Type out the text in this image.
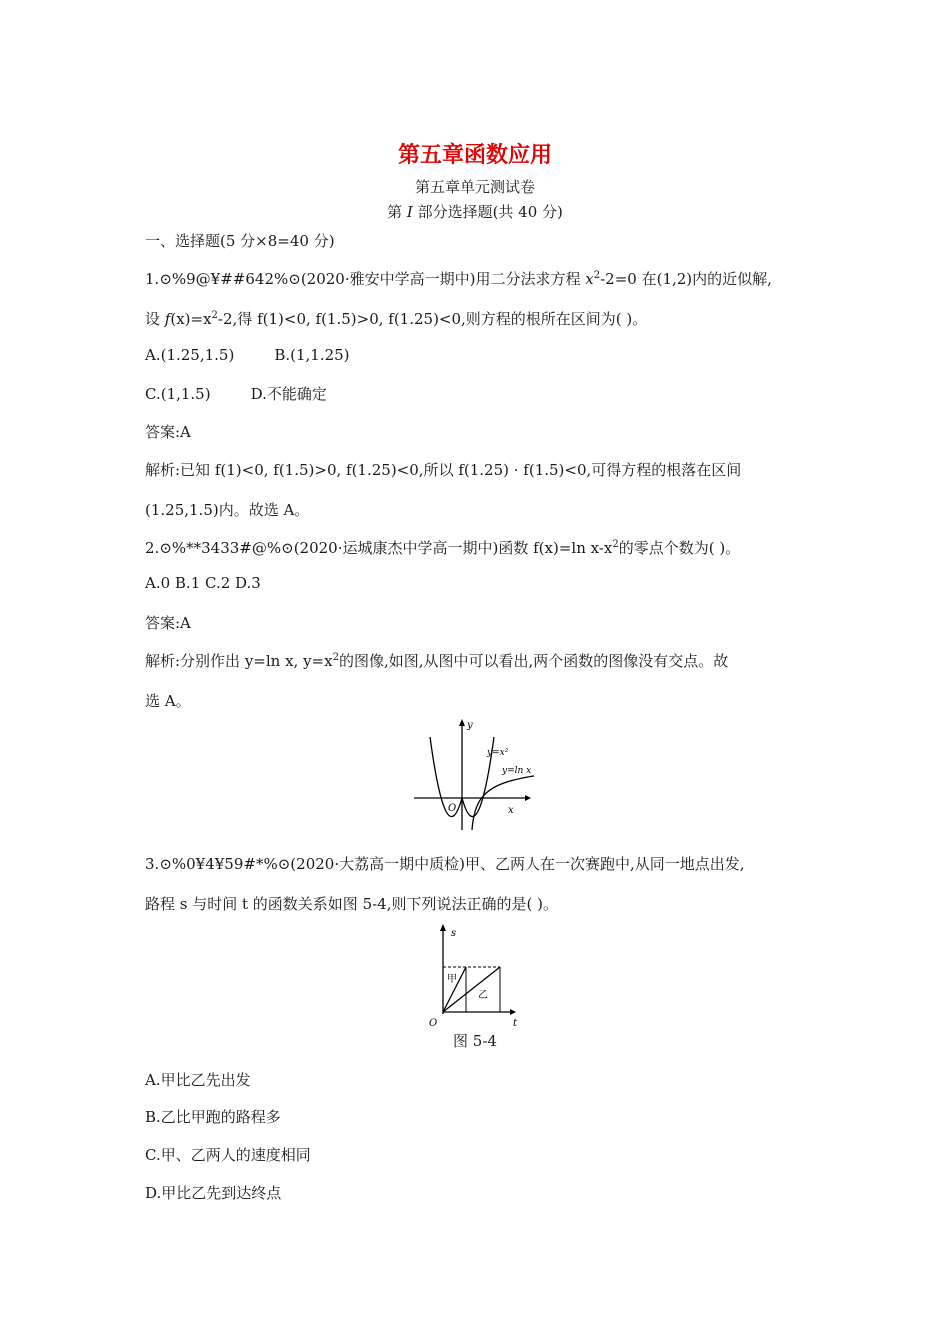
第五章函数应用
第五章单元测试卷
第 I 部分选择题(共 40 分)
一、选择题(5 分×8=40 分)
1.⊙%9@¥##642%⊙(2020·雅安中学高一期中)用二分法求方程 $x^2-2=0$ 在(1,2)内的近似解,
设 $f(x)=x^2-2$,得 f(1)<0, f(1.5)>0, f(1.25)<0,则方程的根所在区间为( )。
A.(1.25,1.5)	B.(1,1.25)
C.(1,1.5)	D.不能确定
答案:A
解析:已知 f(1)<0, f(1.5)>0, f(1.25)<0,所以 f(1.25) · f(1.5)<0,可得方程的根落在区间
(1.25,1.5)内。故选 A。
2.⊙%**3433#@%⊙(2020·运城康杰中学高一期中)函数 f(x)=ln $x-x^2$的零点个数为( )。
A.0 B.1 C.2 D.3
答案:A
解析:分别作出 y=ln x, $y=x^2$的图像,如图,从图中可以看出,两个函数的图像没有交点。故
选 A。
y
x
O
y=x²
y=ln x
3.⊙%0¥4¥59#*%⊙(2020·大荔高一期中质检)甲、乙两人在一次赛跑中,从同一地点出发,
路程 s 与时间 t 的函数关系如图 5-4,则下列说法正确的是( )。
s
t
O
甲
乙
图 5-4
A.甲比乙先出发
B.乙比甲跑的路程多
C.甲、乙两人的速度相同
D.甲比乙先到达终点
